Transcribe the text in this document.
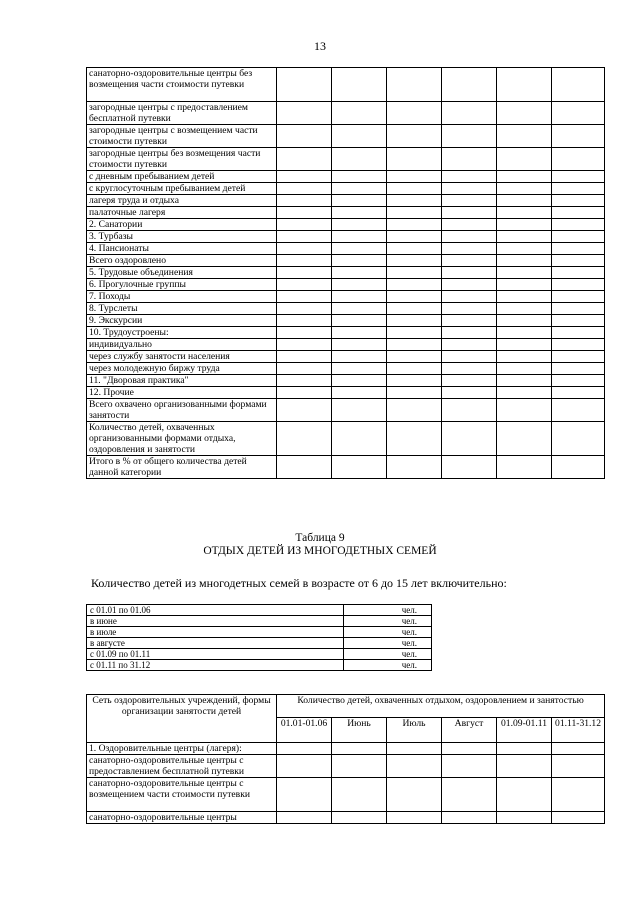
13
санаторно-оздоровительные центры без возмещения части стоимости путевки						
загородные центры с предоставлением бесплатной путевки						
загородные центры с возмещением части стоимости путевки						
загородные центры без возмещения части стоимости путевки						
с дневным пребыванием детей						
с круглосуточным пребыванием детей						
лагеря труда и отдыха						
палаточные лагеря						
2. Санатории						
3. Турбазы						
4. Пансионаты						
Всего оздоровлено						
5. Трудовые объединения						
6. Прогулочные группы						
7. Походы						
8. Турслеты						
9. Экскурсии						
10. Трудоустроены:						
индивидуально						
через службу занятости населения						
через молодежную биржу труда						
11. "Дворовая практика"						
12. Прочие						
Всего охвачено организованными формами занятости						
Количество детей, охваченных организованными формами отдыха, оздоровления и занятости						
Итого в % от общего количества детей данной категории						
Таблица 9
ОТДЫХ ДЕТЕЙ ИЗ МНОГОДЕТНЫХ СЕМЕЙ
Количество детей из многодетных семей в возрасте от 6 до 15 лет включительно:
с 01.01 по 01.06	чел.
в июне	чел.
в июле	чел.
в августе	чел.
с 01.09 по 01.11	чел.
с 01.11 по 31.12	чел.
Сеть оздоровительных учреждений, формы организации занятости детей	Количество детей, охваченных отдыхом, оздоровлением и занятостью					
	01.01-01.06	Июнь	Июль	Август	01.09-01.11	01.11-31.12
1. Оздоровительные центры (лагеря):						
санаторно-оздоровительные центры с предоставлением бесплатной путевки						
санаторно-оздоровительные центры с возмещением части стоимости путевки						
санаторно-оздоровительные центры						
